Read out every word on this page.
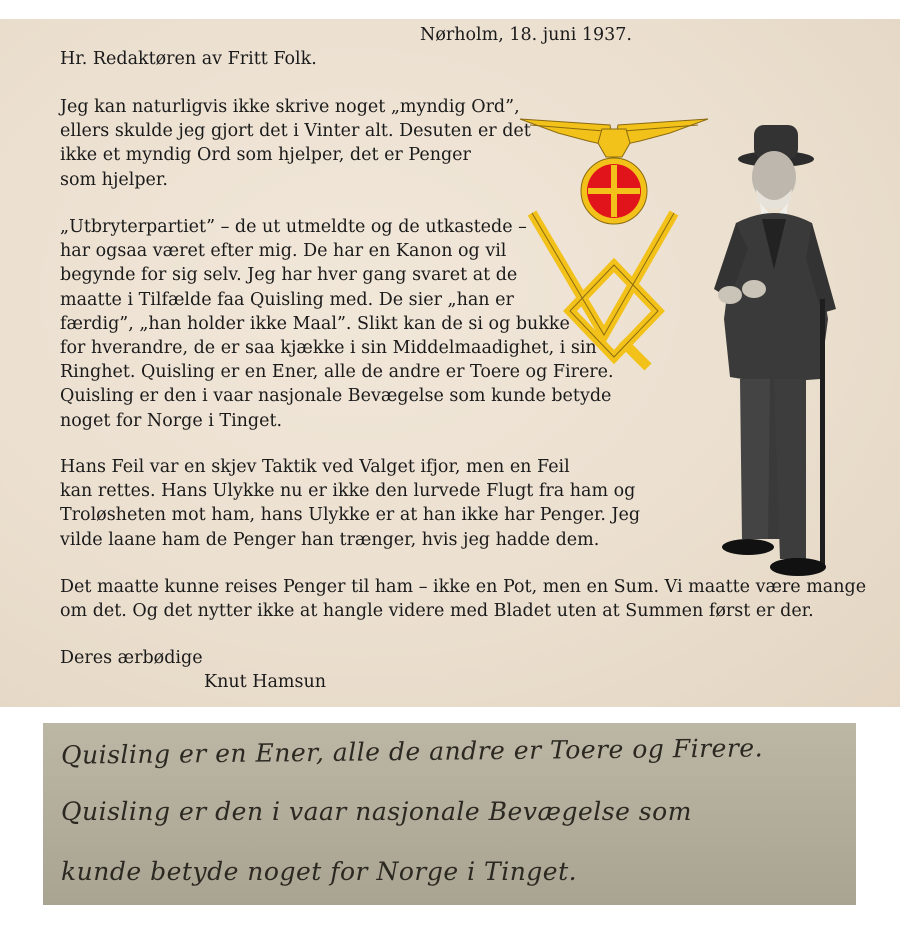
Nørholm, 18. juni 1937.
Hr. Redaktøren av Fritt Folk.
Jeg kan naturligvis ikke skrive noget „myndig Ord”,
ellers skulde jeg gjort det i Vinter alt. Desuten er det
ikke et myndig Ord som hjelper, det er Penger
som hjelper.
„Utbryterpartiet” – de ut utmeldte og de utkastede –
har ogsaa været efter mig. De har en Kanon og vil
begynde for sig selv. Jeg har hver gang svaret at de
maatte i Tilfælde faa Quisling med. De sier „han er
færdig”, „han holder ikke Maal”. Slikt kan de si og bukke
for hverandre, de er saa kjække i sin Middelmaadighet, i sin
Ringhet. Quisling er en Ener, alle de andre er Toere og Firere.
Quisling er den i vaar nasjonale Bevægelse som kunde betyde
noget for Norge i Tinget.
Hans Feil var en skjev Taktik ved Valget ifjor, men en Feil
kan rettes. Hans Ulykke nu er ikke den lurvede Flugt fra ham og
Troløsheten mot ham, hans Ulykke er at han ikke har Penger. Jeg
vilde laane ham de Penger han trænger, hvis jeg hadde dem.
Det maatte kunne reises Penger til ham – ikke en Pot, men en Sum. Vi maatte være mange
om det. Og det nytter ikke at hangle videre med Bladet uten at Summen først er der.
Deres ærbødige
Knut Hamsun
Quisling er en Ener, alle de andre er Toere og Firere.
Quisling er den i vaar nasjonale Bevægelse som
kunde betyde noget for Norge i Tinget.
